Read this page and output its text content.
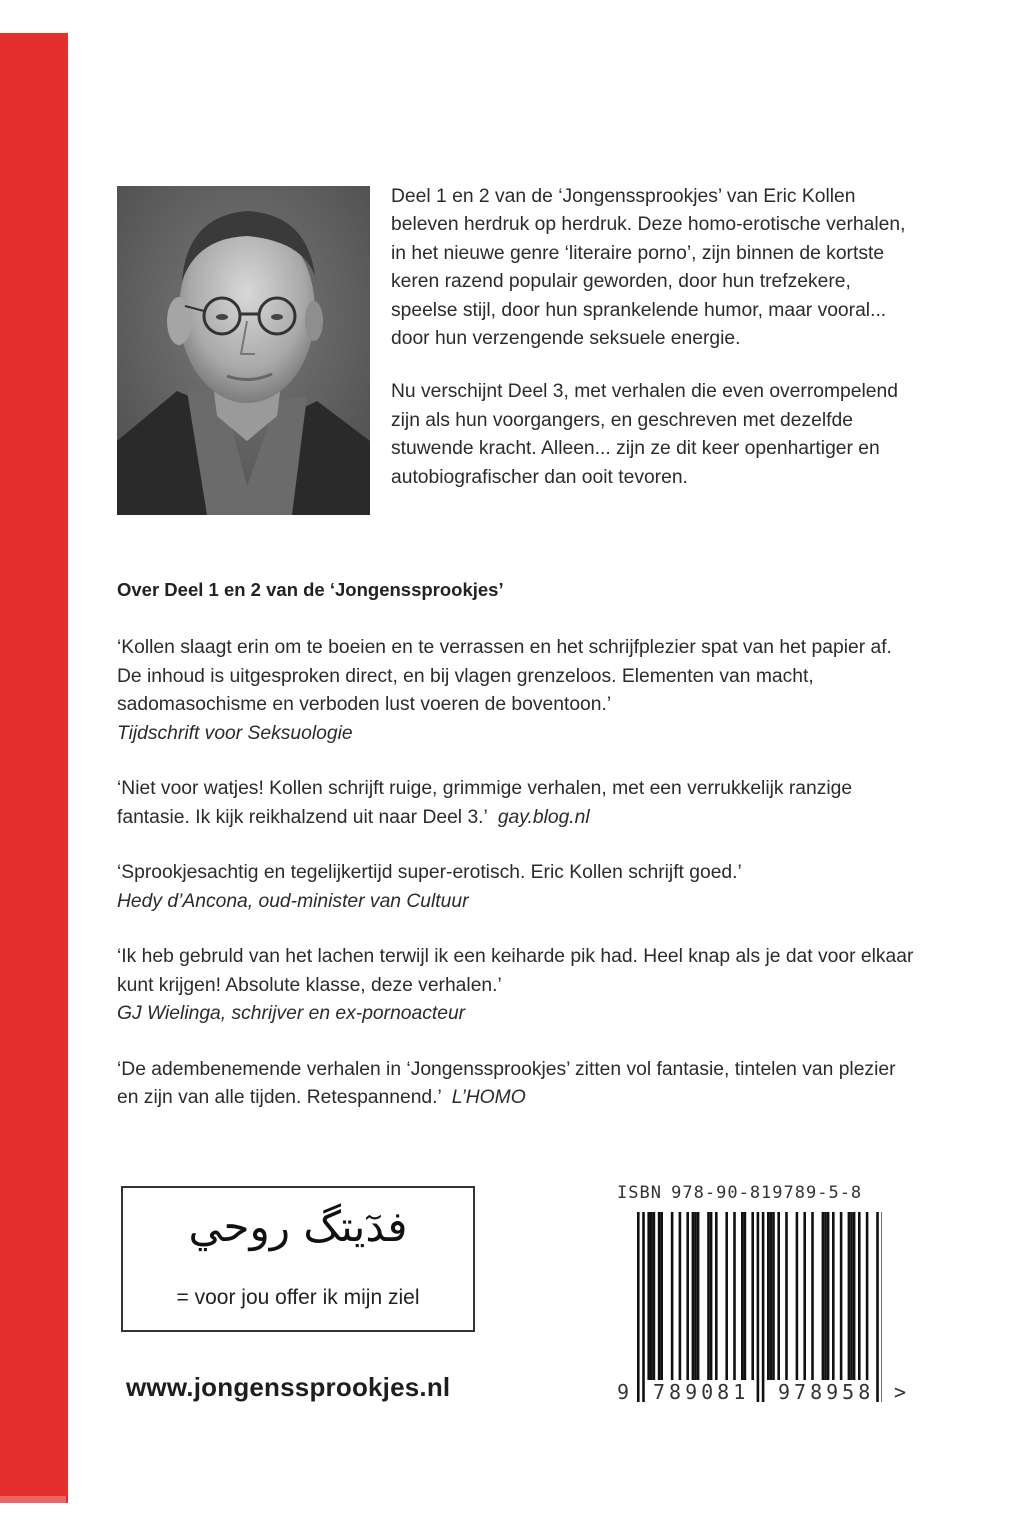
Deel 1 en 2 van de ‘Jongenssprookjes’ van Eric Kollen beleven herdruk op herdruk. Deze homo-erotische verhalen, in het nieuwe genre ‘literaire porno’, zijn binnen de kortste keren razend populair geworden, door hun trefzekere, speelse stijl, door hun sprankelende humor, maar vooral... door hun verzengende seksuele energie.

Nu verschijnt Deel 3, met verhalen die even overrompelend zijn als hun voorgangers, en geschreven met dezelfde stuwende kracht. Alleen... zijn ze dit keer openhartiger en autobiografischer dan ooit tevoren.

Over Deel 1 en 2 van de ‘Jongenssprookjes’
‘Kollen slaagt erin om te boeien en te verrassen en het schrijfplezier spat van het papier af. De inhoud is uitgesproken direct, en bij vlagen grenzeloos. Elementen van macht, sadomasochisme en verboden lust voeren de boventoon.’
Tijdschrift voor Seksuologie
‘Niet voor watjes! Kollen schrijft ruige, grimmige verhalen, met een verrukkelijk ranzige fantasie. Ik kijk reikhalzend uit naar Deel 3.’ gay.blog.nl
‘Sprookjesachtig en tegelijkertijd super-erotisch. Eric Kollen schrijft goed.’
Hedy d’Ancona, oud-minister van Cultuur
‘Ik heb gebruld van het lachen terwijl ik een keiharde pik had. Heel knap als je dat voor elkaar kunt krijgen! Absolute klasse, deze verhalen.’
GJ Wielinga, schrijver en ex-pornoacteur
‘De adembenemende verhalen in ‘Jongenssprookjes’ zitten vol fantasie, tintelen van plezier en zijn van alle tijden. Retespannend.’ L’HOMO
فدٓيتگ روحي
= voor jou offer ik mijn ziel
www.jongenssprookjes.nl
ISBN 978-90-819789-5-8
9 789081 978958 >
